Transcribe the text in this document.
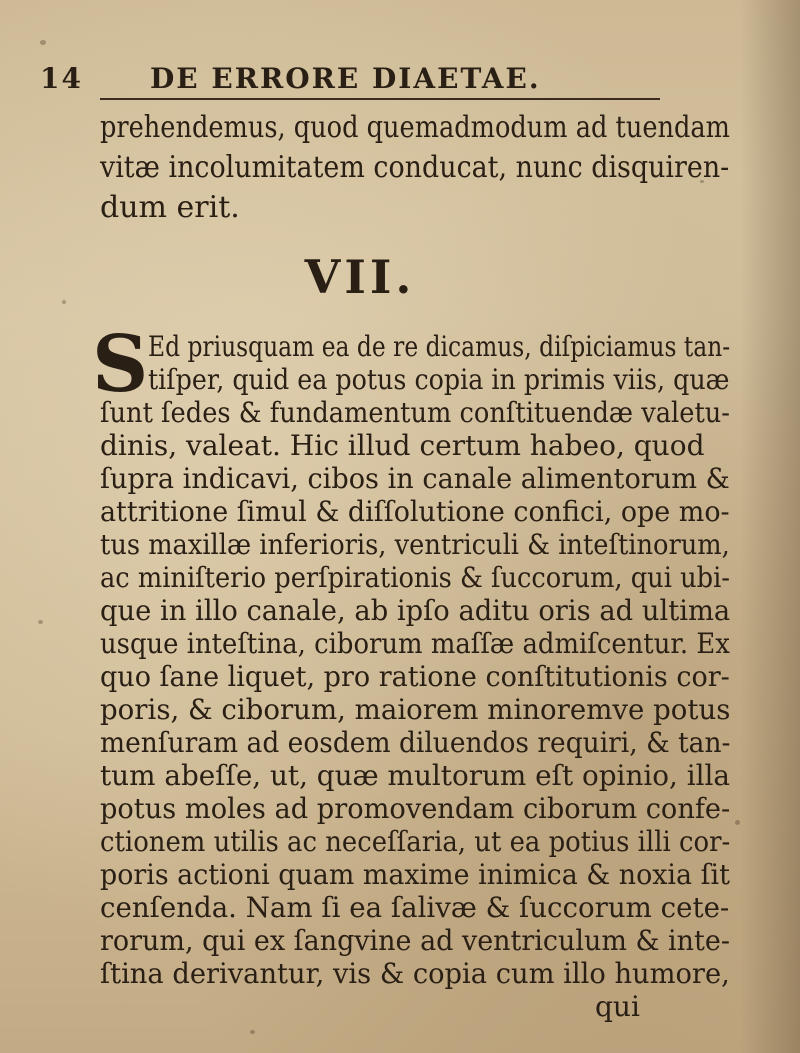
14 DE ERRORE DIAETAE.
prehendemus, quod quemadmodum ad tuendam
vitæ incolumitatem conducat, nunc disquiren-
dum erit.
VII.
S Ed priusquam ea de re dicamus, diſpiciamus tan-
tiſper, quid ea potus copia in primis viis, quæ
ſunt ſedes & fundamentum conſtituendæ valetu-
dinis, valeat. Hic illud certum habeo, quod
ſupra indicavi, cibos in canale alimentorum &
attritione ſimul & diſſolutione confici, ope mo-
tus maxillæ inferioris, ventriculi & inteſtinorum,
ac miniſterio perſpirationis & ſuccorum, qui ubi-
que in illo canale, ab ipſo aditu oris ad ultima
usque inteſtina, ciborum maſſæ admiſcentur. Ex
quo ſane liquet, pro ratione conſtitutionis cor-
poris, & ciborum, maiorem minoremve potus
menſuram ad eosdem diluendos requiri, & tan-
tum abeſſe, ut, quæ multorum eſt opinio, illa
potus moles ad promovendam ciborum confe-
ctionem utilis ac neceſſaria, ut ea potius illi cor-
poris actioni quam maxime inimica & noxia ſit
cenſenda. Nam ſi ea ſalivæ & ſuccorum cete-
rorum, qui ex ſangvine ad ventriculum & inte-
ſtina derivantur, vis & copia cum illo humore,
qui
